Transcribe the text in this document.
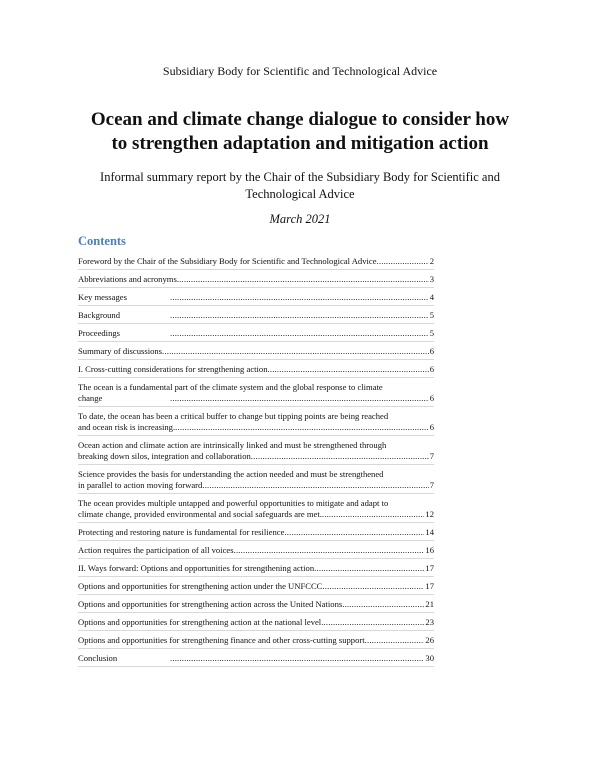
Subsidiary Body for Scientific and Technological Advice
Ocean and climate change dialogue to consider how
to strengthen adaptation and mitigation action
Informal summary report by the Chair of the Subsidiary Body for Scientific and
Technological Advice
March 2021
Contents
Foreword by the Chair of the Subsidiary Body for Scientific and Technological Advice .....	2
Abbreviations and acronyms .....	3
Key messages .....	4
Background .....	5
Proceedings .....	5
Summary of discussions .....	6
I. Cross-cutting considerations for strengthening action .....	6
The ocean is a fundamental part of the climate system and the global response to climate
change .....	6
To date, the ocean has been a critical buffer to change but tipping points are being reached
and ocean risk is increasing. .....	6
Ocean action and climate action are intrinsically linked and must be strengthened through
breaking down silos, integration and collaboration .....	7
Science provides the basis for understanding the action needed and must be strengthened
in parallel to action moving forward .....	7
The ocean provides multiple untapped and powerful opportunities to mitigate and adapt to
climate change, provided environmental and social safeguards are met. .....	12
Protecting and restoring nature is fundamental for resilience .....	14
Action requires the participation of all voices .....	16
II. Ways forward: Options and opportunities for strengthening action .....	17
Options and opportunities for strengthening action under the UNFCCC .....	17
Options and opportunities for strengthening action across the United Nations .....	21
Options and opportunities for strengthening action at the national level .....	23
Options and opportunities for strengthening finance and other cross-cutting support .....	26
Conclusion .....	30
